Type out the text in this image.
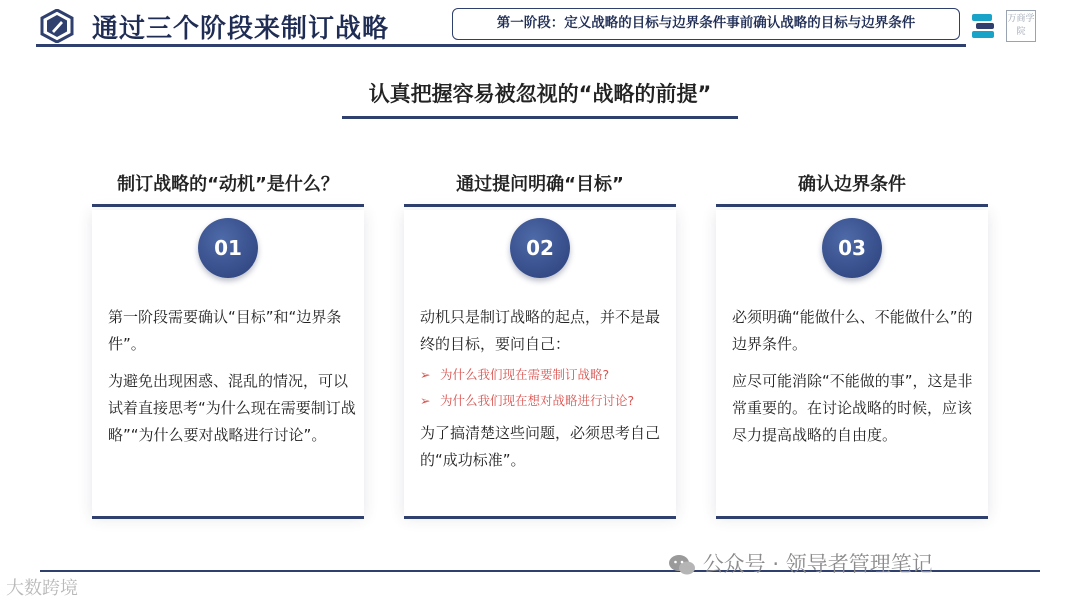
通过三个阶段来制订战略	第一阶段：定义战略的目标与边界条件事前确认战略的目标与边界条件	万商学院
认真把握容易被忽视的“战略的前提”
制订战略的“动机”是什么？
01
第一阶段需要确认“目标”和“边界条件”。
为避免出现困惑、混乱的情况，可以试着直接思考“为什么现在需要制订战略”“为什么要对战略进行讨论”。
通过提问明确“目标”
02
动机只是制订战略的起点，并不是最终的目标，要问自己：
➢ 为什么我们现在需要制订战略?
➢ 为什么我们现在想对战略进行讨论?
为了搞清楚这些问题，必须思考自己的“成功标准”。
确认边界条件
03
必须明确“能做什么、不能做什么”的边界条件。
应尽可能消除“不能做的事”，这是非常重要的。在讨论战略的时候，应该尽力提高战略的自由度。
公众号 · 领导者管理笔记
大数跨境
